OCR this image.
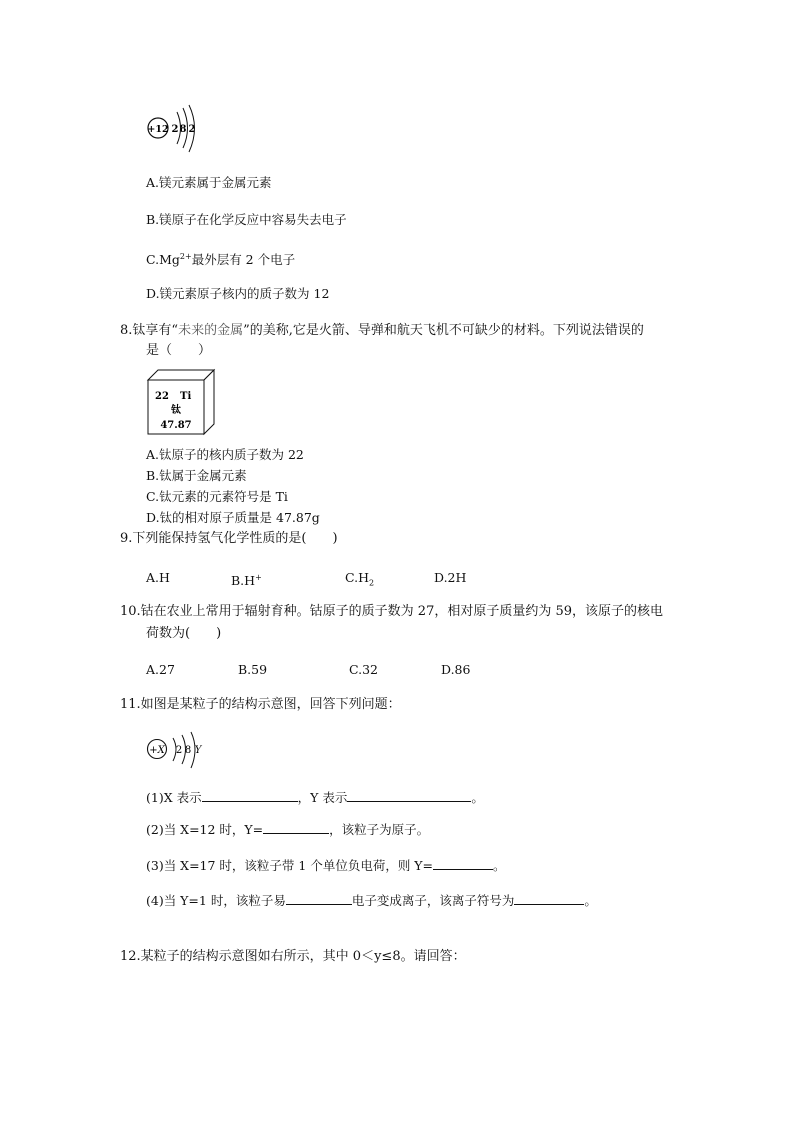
+12 2 8 2
A.镁元素属于金属元素
B.镁原子在化学反应中容易失去电子
$C.Mg^{2+}$最外层有 2 个电子
D.镁元素原子核内的质子数为 12
8.钛享有“未来的金属”的美称,它是火箭、导弹和航天飞机不可缺少的材料。下列说法错误的
是（　　）
22 Ti
钛
47.87
A.钛原子的核内质子数为 22
B.钛属于金属元素
C.钛元素的元素符号是 Ti
D.钛的相对原子质量是 47.87g
9.下列能保持氢气化学性质的是(　　)
A.H	B.H+	$C.H_2$	D.2H
10.钴在农业上常用于辐射育种。钴原子的质子数为 27，相对原子质量约为 59，该原子的核电
荷数为(　　)
A.27	B.59	C.32	D.86
11.如图是某粒子的结构示意图，回答下列问题：
+X 2 8 Y
(1)X 表示	，Y 表示	。
(2)当 X=12 时，Y=	，该粒子为原子。
(3)当 X=17 时，该粒子带 1 个单位负电荷，则 Y=	。
(4)当 Y=1 时，该粒子易	电子变成离子，该离子符号为	。
12.某粒子的结构示意图如右所示，其中 0＜y≤8。请回答：
